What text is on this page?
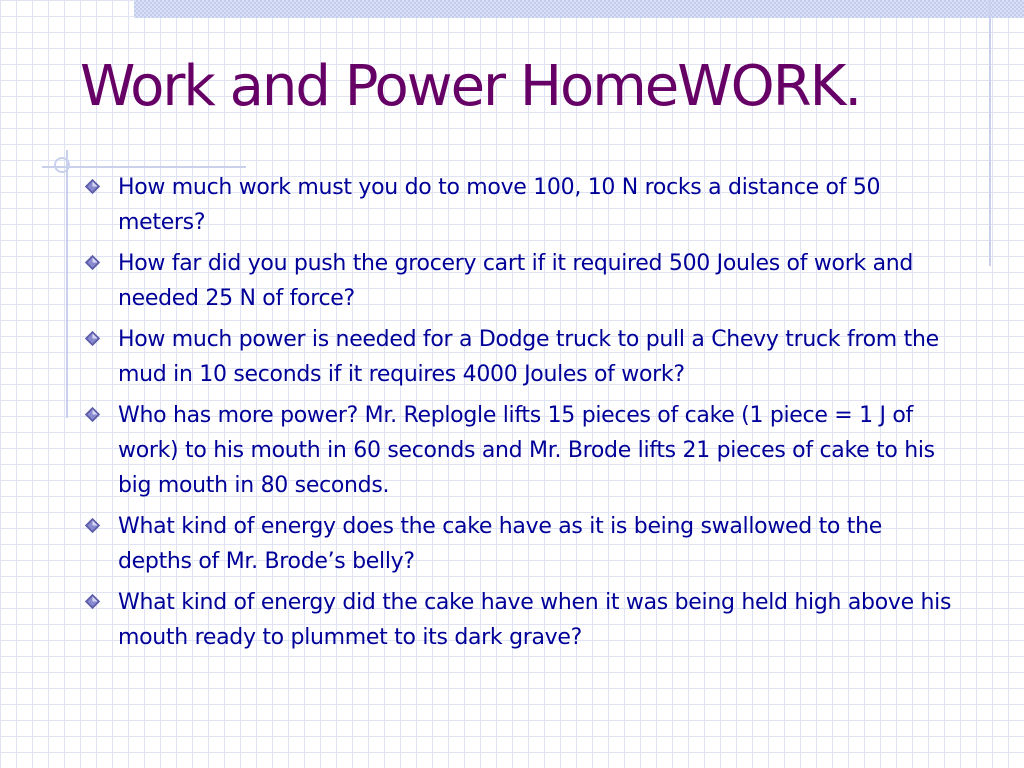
Work and Power HomeWORK.
How much work must you do to move 100, 10 N rocks a distance of 50 meters?
How far did you push the grocery cart if it required 500 Joules of work and needed 25 N of force?
How much power is needed for a Dodge truck to pull a Chevy truck from the mud in 10 seconds if it requires 4000 Joules of work?
Who has more power? Mr. Replogle lifts 15 pieces of cake (1 piece = 1 J of work) to his mouth in 60 seconds and Mr. Brode lifts 21 pieces of cake to his big mouth in 80 seconds.
What kind of energy does the cake have as it is being swallowed to the depths of Mr. Brode’s belly?
What kind of energy did the cake have when it was being held high above his mouth ready to plummet to its dark grave?
